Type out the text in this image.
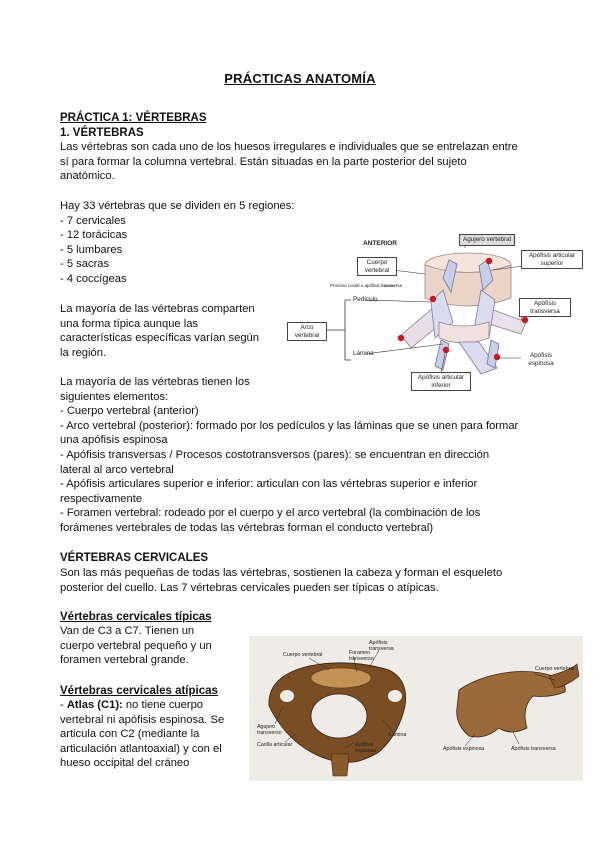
PRÁCTICAS ANATOMÍA
PRÁCTICA 1: VÉRTEBRAS
1. VÉRTEBRAS
Las vértebras son cada uno de los huesos irregulares e individuales que se entrelazan entre
sí para formar la columna vertebral. Están situadas en la parte posterior del sujeto
anatómico.
Hay 33 vértebras que se dividen en 5 regiones:
- 7 cervicales
- 12 torácicas
- 5 lumbares
- 5 sacras
- 4 coccígeas
La mayoría de las vértebras comparten
una forma típica aunque las
características específicas varían según
la región.
La mayoría de las vértebras tienen los
siguientes elementos:
- Cuerpo vertebral (anterior)
- Arco vertebral (posterior): formado por los pedículos y las láminas que se unen para formar
una apófisis espinosa
- Apófisis transversas / Procesos costotransversos (pares): se encuentran en dirección
lateral al arco vertebral
- Apófisis articulares superior e inferior: articulan con las vértebras superior e inferior
respectivamente
- Foramen vertebral: rodeado por el cuerpo y el arco vertebral (la combinación de los
forámenes vertebrales de todas las vértebras forman el conducto vertebral)
VÉRTEBRAS CERVICALES
Son las más pequeñas de todas las vértebras, sostienen la cabeza y forman el esqueleto
posterior del cuello. Las 7 vértebras cervicales pueden ser típicas o atípicas.
Vértebras cervicales típicas
Van de C3 a C7. Tienen un
cuerpo vertebral pequeño y un
foramen vertebral grande.
Vértebras cervicales atípicas
- Atlas (C1): no tiene cuerpo
vertebral ni apófisis espinosa. Se
articula con C2 (mediante la
articulación atlantoaxial) y con el
hueso occipital del cráneo
ANTERIOR
Cuerpo vertebral
Agujero vertebral
Apófisis articular superior
Proceso costal o apófisis transversa
Pedículo
Arco vertebral
Apófisis transversa
Lámina	Apófisis espinosa
Apófisis articular inferior
Cuerpo vertebral
Apófisis transversa
Foramen transverso
Agujero transverso
Carilla articular
Lámina
Apófisis espinosa
Cuerpo vertebral
Apófisis espinosa	Apófisis transversa
